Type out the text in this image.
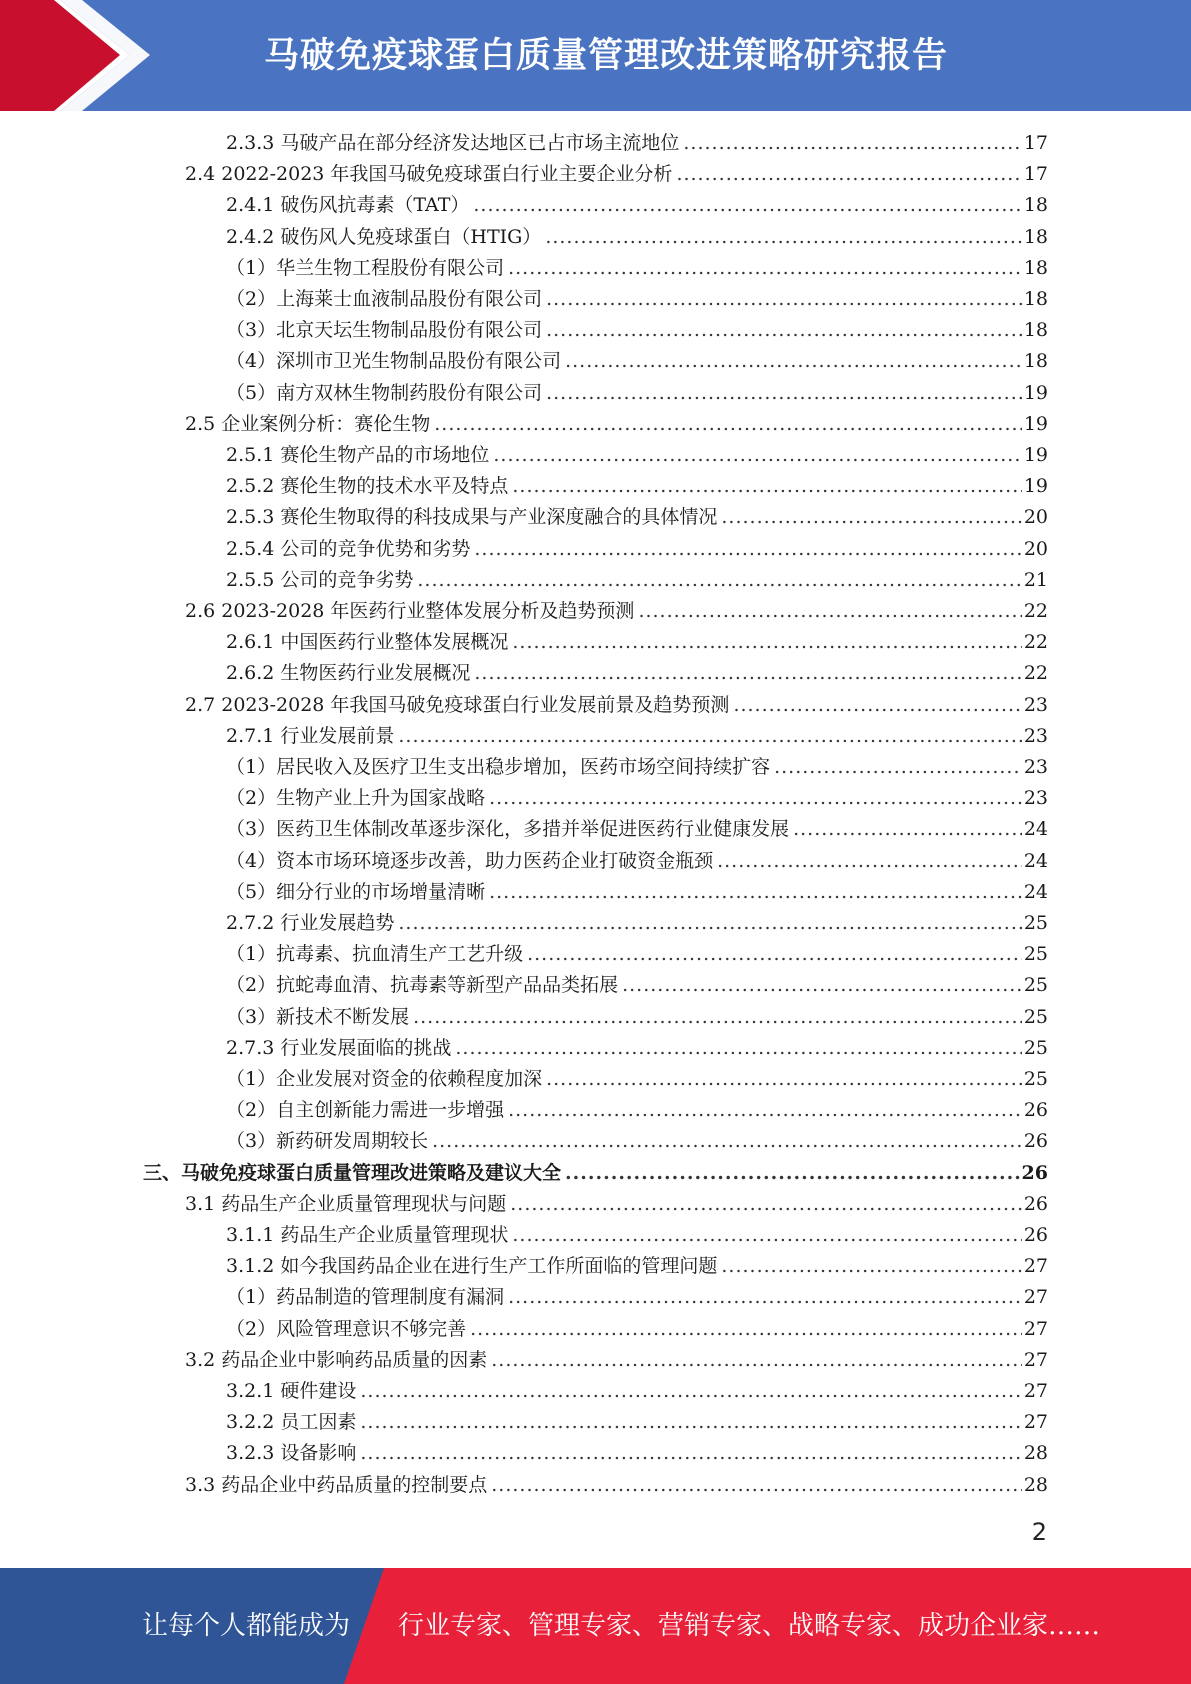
马破免疫球蛋白质量管理改进策略研究报告
2.3.3 马破产品在部分经济发达地区已占市场主流地位 .....	17
2.4 2022-2023 年我国马破免疫球蛋白行业主要企业分析 .....	17
2.4.1 破伤风抗毒素（TAT） .....	18
2.4.2 破伤风人免疫球蛋白（HTIG） .....	18
（1）华兰生物工程股份有限公司 .....	18
（2）上海莱士血液制品股份有限公司 .....	18
（3）北京天坛生物制品股份有限公司 .....	18
（4）深圳市卫光生物制品股份有限公司 .....	18
（5）南方双林生物制药股份有限公司 .....	19
2.5 企业案例分析：赛伦生物 .....	19
2.5.1 赛伦生物产品的市场地位 .....	19
2.5.2 赛伦生物的技术水平及特点 .....	19
2.5.3 赛伦生物取得的科技成果与产业深度融合的具体情况 .....	20
2.5.4 公司的竞争优势和劣势 .....	20
2.5.5 公司的竞争劣势 .....	21
2.6 2023-2028 年医药行业整体发展分析及趋势预测 .....	22
2.6.1 中国医药行业整体发展概况 .....	22
2.6.2 生物医药行业发展概况 .....	22
2.7 2023-2028 年我国马破免疫球蛋白行业发展前景及趋势预测 .....	23
2.7.1 行业发展前景 .....	23
（1）居民收入及医疗卫生支出稳步增加，医药市场空间持续扩容 .....	23
（2）生物产业上升为国家战略 .....	23
（3）医药卫生体制改革逐步深化，多措并举促进医药行业健康发展 .....	24
（4）资本市场环境逐步改善，助力医药企业打破资金瓶颈 .....	24
（5）细分行业的市场增量清晰 .....	24
2.7.2 行业发展趋势 .....	25
（1）抗毒素、抗血清生产工艺升级 .....	25
（2）抗蛇毒血清、抗毒素等新型产品品类拓展 .....	25
（3）新技术不断发展 .....	25
2.7.3 行业发展面临的挑战 .....	25
（1）企业发展对资金的依赖程度加深 .....	25
（2）自主创新能力需进一步增强 .....	26
（3）新药研发周期较长 .....	26
三、马破免疫球蛋白质量管理改进策略及建议大全 .....	26
3.1 药品生产企业质量管理现状与问题 .....	26
3.1.1 药品生产企业质量管理现状 .....	26
3.1.2 如今我国药品企业在进行生产工作所面临的管理问题 .....	27
（1）药品制造的管理制度有漏洞 .....	27
（2）风险管理意识不够完善 .....	27
3.2 药品企业中影响药品质量的因素 .....	27
3.2.1 硬件建设 .....	27
3.2.2 员工因素 .....	27
3.2.3 设备影响 .....	28
3.3 药品企业中药品质量的控制要点 .....	28
2
让每个人都能成为 行业专家、管理专家、营销专家、战略专家、成功企业家……
